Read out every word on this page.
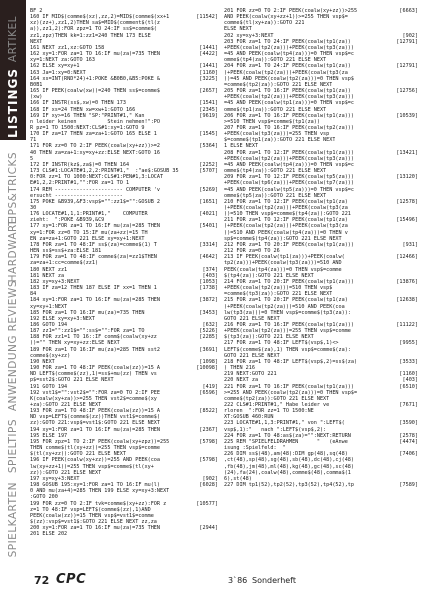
ARTIKEL
LISTINGS
TIPS&TRICKS
HARDWARE
REVIEWS
ANWENDUNG
SPIELTIPS
SPIELKARTEN
BF 2
160 IF MID$(comme$(xz),zz,2)=MID$(comme$(xx+1	[11542]
xz)(zz+),zz1,2)THEN sa$=MID$(comment$(tl(z
a)),zz1,2):FOR zpz=1 TO 24:IF ss$=comme$(
zz1,zpz)THEN kk=1:zz1=240 THEN 173 ELSE
NEXT
161 NEXT zz1,xz:GOTO 158	[1441]
162 xy=1:FOR za=1 TO 16:IF mu(za)=735 THEN	[4422]
xy=1:NEXT za:GOTO 163
162 ELSE xy=xy+1	[1441]
163 Ja=1:xy=0:NEXT	[1160]
164 xs=INT(RND*24)+1:POKE &B0B0,&B5:POKE &	[3225]
B0B1
165 IF PEEK(coalw(xw))=240 THEN ss$=comme$	[2657]
(xw)
166 IF INSTR(ss$,xw)=0 THEN 173	[1541]
168 IF xs=24 THEN xw=xw+1:GOTO 166	[2345]
169 IF xy>=16 THEN "SP:"PRINT#1," Kan	[9619]
n leider keinen          Stein nehmen!":PO
R pz=1 TO 1500:NEXT:CLS#1:xy=1:GOTO 9
170 IF za=17 THEN za=za+1:GOTO 165 ELSE 1	[1545]
71
171 FOR zz=0 TO 2:IF PEEK(coalw(xy+zz))>=2	[5364]
40 THEN za=za+1:xy=xy+zz:ELSE NEXT:GOTO 16
5
172 IF INSTR(kz$,za$)=0 THEN 164	[2252]
173 CLS#1:LOCATE#1,2,2:PRINT#1,"  :"ae$:GOSUB 35	[5707]
0:FOR zz=1 TO 1000:NEXT:CLS#1:PEN#1,3:LOCAT
E#1,2,2:PRINT#1,"":FOR za=1 TO 1
174 REM ---------------------- COMPUTER 'v	[5269]
ersucht ----------------------
175 POKE &B939,&F3:vsp$="":zz1$="":GOSUB 2	[1651]
30
176 LOCATE#1,1,1:PRINT#1,"    COMPUTER	[4021]
zieht:  ":POKE &B939,&C9
177 xy=1:FOR za=1 TO 16:IF mu(za)=285 THEN	[5401]
xy=1:FOR zz=0 TO 15:IF mu(za+zz)=15 TH
EN za=za+1:GOTO 221 ELSE xy=xy+1:NEXT
178 FOR za=1 TO 48:IF ss$(za)=comme$(1) T	[3314]
HEN ss$=ss$+za:ELSE 181
179 FOR za=1 TO 48:IF comme$(za)=zz1$THEN	[4642]
za=za+1:cc=comme$(zz1)
180 NEXT zz1	[374]
181 NEXT za	[403]
182 xy=xy+3:NEXT	[1053]
183 IF za=12 THEN 187 ELSE IF xx=1 THEN 1	[1738]
84
184 xy=1:FOR za=1 TO 16:IF mu(za)=285 THEN	[3872]
xy=xy+1:NEXT
185 FOR za=1 TO 16:IF mu(za)=735 THEN	[3453]
192 ELSE xy=xy+3:NEXT
186 GOTO 194	[632]
187 zz1="":zz1$="":ss$="":FOR za=1 TO	[5226]
188 FOR zz1=1 TO 16::IF comm$(coalw(xy+zz	[2285]
))="" THEN xy=xy+zz:ELSE NEXT
189 FOR za=1 TO 16:IF mu(za)=285 THEN sst2	[3691]
comme$(xy+zz)
190 NEXT	[1098]
190 FOR za=1 TO 48:IF PEEK(coalw(zz))=15 A	[10098]
ND LEFT$(comme$(zz),1)=ss$+mu(zz) THEN vs
p$=sst2$:GOTO 221 ELSE NEXT
191 GOTO 194	[419]
192 vst1$="":vst2$="":FOR za=0 TO 2:IF PEE	[6596]
K(coalw(xy+za))>=255 THEN vst2$=comme$(xy
+za):GOTO 221 ELSE NEXT
193 FOR za=1 TO 48:IF PEEK(coalw(zz))=15 A	[8522]
ND vsp=LEFT$(comme$(zz))THEN vst1$=comme$(
zz):GOTO 221:vsp$=vst1$:GOTO 221 ELSE NEXT
194 xy=1:FOR za=1 TO 16:IF mu(za)=285 THEN	[2367]
195 ELSE 197
195 FOR zpz=1 TO 2:IF PEEK(coalw(xy+zpz))=255	[5798]
THEN comme$(tl(xy+zz))=255 THEN vsp$=comme
$(tl(xy+zz)):GOTO 221 ELSE NEXT
196 IF PEEK(coalw(xy+zz))=255 AND PEEK(coa	[5798]
lw(xy+zz+1))=255 THEN vsp$=comme$(tl(xy+
zz)):GOTO 221 ELSE NEXT
197 xy=xy+3:NEXT	[902]
198 GOSUB 195:xy=1:FOR za=1 TO 16:IF mu(l)	[6028]
0 AND mu(za+4)=285 THEN 199 ELSE xy=xy+3:NEXT
:GOTO 200
199 FOR zz=0 TO 2:IF tvk=comme$(xy+zz):FOR z	[10577]
z=1 TO 48:IF vsp=LEFT$(comme$(zz),1)AND
PEEK(coalw(zz))=15 THEN vsp$=vst1$=comme
$(zz):vsp$=vst1$:GOTO 221 ELSE NEXT zz,za
200 xy=1:FOR za=1 TO 16:IF mu(za)=735 THEN	[2944]
201 ELSE 202
201 FOR zz=0 TO 2:IF PEEK(coalw(xy+zz))>255	[6663]
AND PEEK(coalw(xy+zz+1))>=255 THEN vsp$=
comme$(tl(xy+za)):GOTO 221
ELSE NEXT
202 xy=xy+3:NEXT	[902]
203 FOR za=1 TO 24:IF PEEK(coalw(tp1(za))	[12791]
+PEEK(coalw(tp2(za)))+PEEK(coalw(tp3(za)))
=45 AND PEEK(coalw(tp4(za)))=0 THEN vsp$=c
omme$(tp4(za)):GOTO 221 ELSE NEXT
204 FOR za=1 TO 24:IF PEEK(coalw(tp1(za))	[12791]
)+PEEK(coalw(tp2(za)))+PEEK(coalw(tp3(za
))=45 AND PEEK(coalw(tp2(za)))=0 THEN vsp$
=comme$(tp2(za)):GOTO 221 ELSE NEXT
205 FOR za=1 TO 16:IF PEEK(coalw(tp1(za))	[12756]
+PEEK(coalw(tp2(za)))+PEEK(coalw(tp3(za)))
=45 AND PEEK(coalw(tp1(za)))=0 THEN vsp$=c
omme$(tp1(za)):GOTO 221 ELSE NEXT
206 FOR za=1 TO 16:IF PEEK(coalw(tp1(za)))	[10539]
>=510 THEN vsp$=comme$(tp1(za))
207 FOR za=1 TO 16:IF PEEK(coalw(tp2(za)))
+PEEK(coalw(tp3(za)))=255 THEN vsp
$=comme$(tp1(za)):GOTO 221 ELSE NEXT
1 ELSE NEXT
208 FOR za=1 TO 12:IF PEEK(coalw(tp1(za)))	[13421]
+PEEK(coalw(tp2(za)))+PEEK(coalw(tp3(za)))
=45 AND PEEK(coalw(tp4(za)))=0 THEN vsp$=c
omme$(tp4(za)):GOTO 221 ELSE NEXT
209 FOR za=1 TO 12:IF PEEK(coalw(tp5(za)))	[13120]
+PEEK(coalw(tp6(za)))+PEEK(coalw(tp7(za)))
=45 AND PEEK(coalw(tp5(za)))=0 THEN vsp$=c
omme$(tp5(za)):GOTO 221 ELSE NEXT
210 FOR za=1 TO 12:IF PEEK(coalw(tp1(za)	[12578]
)+PEEK(coalw(tp2(za)))+PEEK(coalw(tp3(za
))=510 THEN vsp$=comme$(tp4(za)):GOTO 221
211 FOR za=1 TO 12:IF PEEK(coalw(tp1(za)	[15496]
)+PEEK(coalw(tp2(za)))+PEEK(coalw(tp3(za
))=510 AND PEEK(coalw(tp4(za)))=0 THEN v
sp$=comme$(tp4(za)):GOTO 221 ELSE NEXT
212 FOR za=1 TO 20:IF PEEK(coalw(tp1(za)))	[931]
212 FOR za=0 TO 26
213 IF PEEK(coalw(tp1(za)))+PEEK(coalw(	[12466]
tp2(za)))+PEEK(coalw(tp3(za)))=510 AND
PEEK(coalw(tp4(za)))=0 THEN vsp$=comme
$(tp4(za)):GOTO 221 ELSE NEXT
214 FOR za=1 TO 20:IF PEEK(coalw(tp1(za)))	[13876]
+PEEK(coalw(tp2(za)))=510 THEN vsp$
=comme$(tp3(za)):GOTO 221 ELSE NEXT
215 FOR za=1 TO 20:IF PEEK(coalw(tp1(za)	[12638]
)+PEEK(coalw(tp2(za)))=510 AND PEEK(coa
lw(tp3(za)))=0 THEN vsp$=comme$(tp3(za)):
GOTO 221 ELSE NEXT
216 FOR za=1 TO 16:IF PEEK(coalw(tp1(za)))	[11122]
+PEEK(coalw(tp2(za)))=255 THEN vsp$=comme
$(tp3(za)):GOTO 221 ELSE NEXT
217 FOR za=1 TO 48:IF LEFT$(vsp$,1)<>	[9955]
LEFT$(comme$(za),1) THEN vsp$=comme$(za):
GOTO 221 ELSE NEXT
218 FOR za=1 TO 48:IF LEFT$(vsp$,2)=ss$(za)	[3533]
) THEN 216
219 NEXT:GOTO 221	[1160]
220 NEXT za	[403]
221 FOR za=1 TO 16:IF PEEK(coalw(tp1(za)))	[6510]
>=255 AND PEEK(coalw(tp2(za)))=0 THEN vsp$=
comme$(tp2(za)):GOTO 221 ELSE NEXT
222 CLS#1:PRINT#1," Habe leider ve	[7671]
rloren  ":FOR zz=1 TO 1500:NE
XT:GOSUB 460:RUN
223 LOCATE#1,1,3:PRINT#1," von ":LEFT$(	[3590]
vsp$,1):"   nach ":LEFT$(vsp$,2):
224 FOR za=1 TO 48:as$(za)="":NEXT:RETURN	[2578]
225 REM "SPIELFELDRAHMEN      "   (eAnwe	[4474]
isung :Spielfeld:  "
226 DIM ss$(48),am(48):DIM gp(48),sq(48)	[7406]
,ct(48),sp(48),sg(48),sb(48),dc(48),cj(48)
,fb(48),jm(48),ml(48),kg(48),gc(48),sc(48)
(24),fa(24),coalw(48),comme$(48),comma$(1
6),st(48)
227 DIM tp1(52),tp2(52),tp3(52),tp4(52),tp	[7589]
72 CPC	3`86 Sonderheft
